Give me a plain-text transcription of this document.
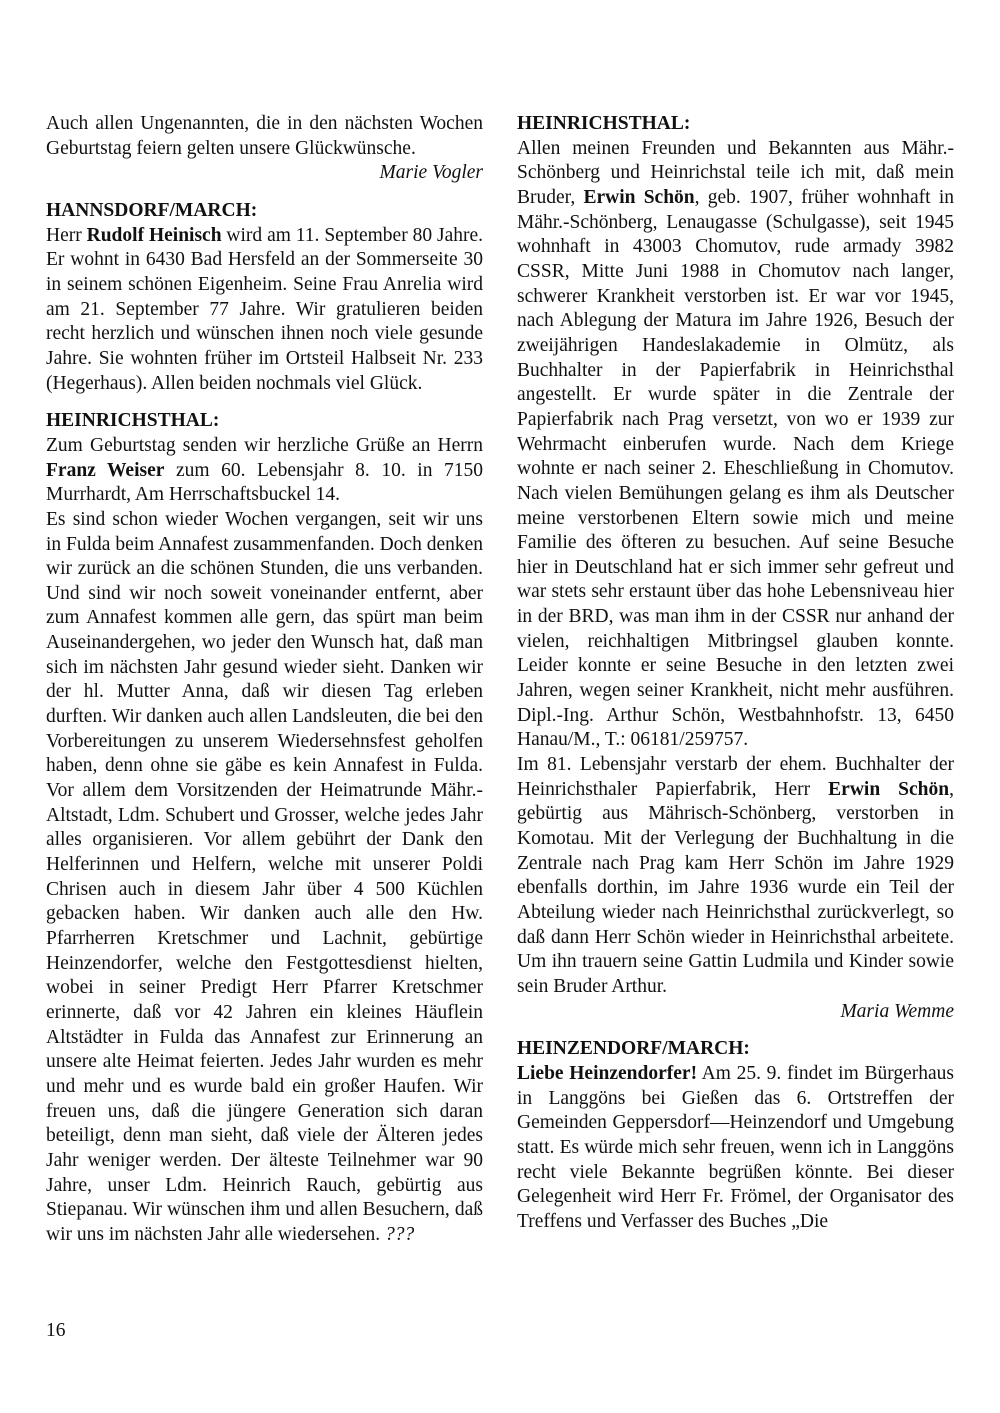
Auch allen Ungenannten, die in den nächsten Wochen Geburtstag feiern gelten unsere Glückwünsche.
Marie Vogler

HANNSDORF/MARCH:

Herr Rudolf Heinisch wird am 11. September 80 Jahre. Er wohnt in 6430 Bad Hersfeld an der Sommerseite 30 in seinem schönen Eigenheim. Seine Frau Anrelia wird am 21. September 77 Jahre. Wir gratulieren beiden recht herzlich und wünschen ihnen noch viele gesunde Jahre. Sie wohnten früher im Ortsteil Halbseit Nr. 233 (Hegerhaus). Allen beiden nochmals viel Glück.

HEINRICHSTHAL:

Zum Geburtstag senden wir herzliche Grüße an Herrn Franz Weiser zum 60. Lebensjahr 8. 10. in 7150 Murrhardt, Am Herrschaftsbuckel 14.

Es sind schon wieder Wochen vergangen, seit wir uns in Fulda beim Annafest zusammenfanden. Doch denken wir zurück an die schönen Stunden, die uns verbanden. Und sind wir noch soweit voneinander entfernt, aber zum Annafest kommen alle gern, das spürt man beim Auseinandergehen, wo jeder den Wunsch hat, daß man sich im nächsten Jahr gesund wieder sieht. Danken wir der hl. Mutter Anna, daß wir diesen Tag erleben durften. Wir danken auch allen Landsleuten, die bei den Vorbereitungen zu unserem Wiedersehnsfest geholfen haben, denn ohne sie gäbe es kein Annafest in Fulda. Vor allem dem Vorsitzenden der Heimatrunde Mähr.-Altstadt, Ldm. Schubert und Grosser, welche jedes Jahr alles organisieren. Vor allem gebührt der Dank den Helferinnen und Helfern, welche mit unserer Poldi Chrisen auch in diesem Jahr über 4 500 Küchlen gebacken haben. Wir danken auch alle den Hw. Pfarrherren Kretschmer und Lachnit, gebürtige Heinzendorfer, welche den Festgottesdienst hielten, wobei in seiner Predigt Herr Pfarrer Kretschmer erinnerte, daß vor 42 Jahren ein kleines Häuflein Altstädter in Fulda das Annafest zur Erinnerung an unsere alte Heimat feierten. Jedes Jahr wurden es mehr und mehr und es wurde bald ein großer Haufen. Wir freuen uns, daß die jüngere Generation sich daran beteiligt, denn man sieht, daß viele der Älteren jedes Jahr weniger werden. Der älteste Teilnehmer war 90 Jahre, unser Ldm. Heinrich Rauch, gebürtig aus Stiepanau. Wir wünschen ihm und allen Besuchern, daß wir uns im nächsten Jahr alle wiedersehen. ???

HEINRICHSTHAL:

Allen meinen Freunden und Bekannten aus Mähr.-Schönberg und Heinrichstal teile ich mit, daß mein Bruder, Erwin Schön, geb. 1907, früher wohnhaft in Mähr.-Schönberg, Lenaugasse (Schulgasse), seit 1945 wohnhaft in 43003 Chomutov, rude armady 3982 CSSR, Mitte Juni 1988 in Chomutov nach langer, schwerer Krankheit verstorben ist. Er war vor 1945, nach Ablegung der Matura im Jahre 1926, Besuch der zweijährigen Handeslakademie in Olmütz, als Buchhalter in der Papierfabrik in Heinrichsthal angestellt. Er wurde später in die Zentrale der Papierfabrik nach Prag versetzt, von wo er 1939 zur Wehrmacht einberufen wurde. Nach dem Kriege wohnte er nach seiner 2. Eheschließung in Chomutov. Nach vielen Bemühungen gelang es ihm als Deutscher meine verstorbenen Eltern sowie mich und meine Familie des öfteren zu besuchen. Auf seine Besuche hier in Deutschland hat er sich immer sehr gefreut und war stets sehr erstaunt über das hohe Lebensniveau hier in der BRD, was man ihm in der CSSR nur anhand der vielen, reichhaltigen Mitbringsel glauben konnte. Leider konnte er seine Besuche in den letzten zwei Jahren, wegen seiner Krankheit, nicht mehr ausführen. Dipl.-Ing. Arthur Schön, Westbahnhofstr. 13, 6450 Hanau/M., T.: 06181/259757.

Im 81. Lebensjahr verstarb der ehem. Buchhalter der Heinrichsthaler Papierfabrik, Herr Erwin Schön, gebürtig aus Mährisch-Schönberg, verstorben in Komotau. Mit der Verlegung der Buchhaltung in die Zentrale nach Prag kam Herr Schön im Jahre 1929 ebenfalls dorthin, im Jahre 1936 wurde ein Teil der Abteilung wieder nach Heinrichsthal zurückverlegt, so daß dann Herr Schön wieder in Heinrichsthal arbeitete. Um ihn trauern seine Gattin Ludmila und Kinder sowie sein Bruder Arthur.
Maria Wemme

HEINZENDORF/MARCH:

Liebe Heinzendorfer! Am 25. 9. findet im Bürgerhaus in Langgöns bei Gießen das 6. Ortstreffen der Gemeinden Geppersdorf—Heinzendorf und Umgebung statt. Es würde mich sehr freuen, wenn ich in Langgöns recht viele Bekannte begrüßen könnte. Bei dieser Gelegenheit wird Herr Fr. Frömel, der Organisator des Treffens und Verfasser des Buches „Die

16
